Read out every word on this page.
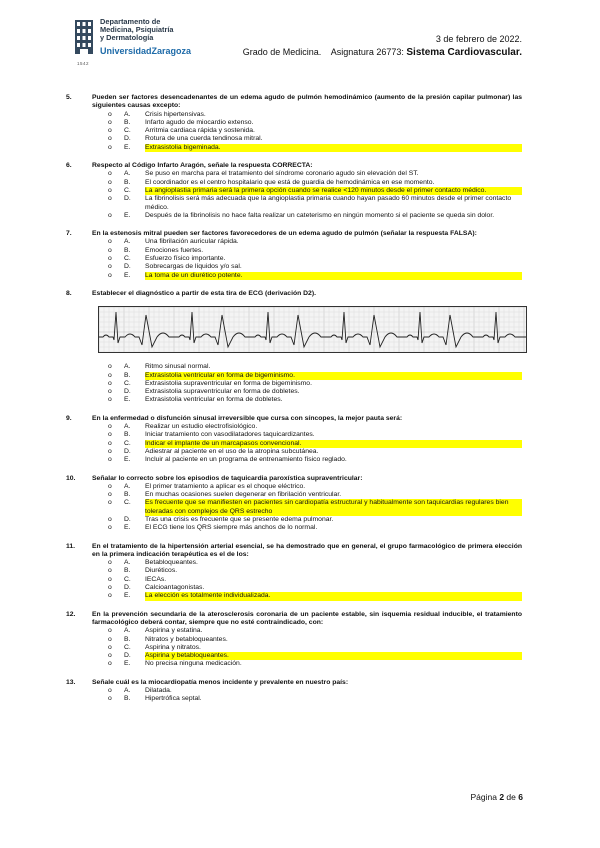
Departamento de
Medicina, Psiquiatría
y Dermatología
UniversidadZaragoza
1542
3 de febrero de 2022.
Grado de Medicina. Asignatura 26773: Sistema Cardiovascular.
5.	Pueden ser factores desencadenantes de un edema agudo de pulmón hemodinámico (aumento de la presión capilar pulmonar) las siguientes causas excepto:
o	A.	Crisis hipertensivas.
o	B.	Infarto agudo de miocardio extenso.
o	C.	Arritmia cardiaca rápida y sostenida.
o	D.	Rotura de una cuerda tendinosa mitral.
o	E.	Extrasistolia bigeminada.
6.	Respecto al Código Infarto Aragón, señale la respuesta CORRECTA:
o	A.	Se puso en marcha para el tratamiento del síndrome coronario agudo sin elevación del ST.
o	B.	El coordinador es el centro hospitalario que está de guardia de hemodinámica en ese momento.
o	C.	La angioplastia primaria será la primera opción cuando se realice <120 minutos desde el primer contacto médico.
o	D.	La fibrinolisis será más adecuada que la angioplastia primaria cuando hayan pasado 60 minutos desde el primer contacto médico.
o	E.	Después de la fibrinolisis no hace falta realizar un cateterismo en ningún momento si el paciente se queda sin dolor.
7.	En la estenosis mitral pueden ser factores favorecedores de un edema agudo de pulmón (señalar la respuesta FALSA):
o	A.	Una fibrilación auricular rápida.
o	B.	Emociones fuertes.
o	C.	Esfuerzo físico importante.
o	D.	Sobrecargas de líquidos y/o sal.
o	E.	La toma de un diurético potente.
8.	Establecer el diagnóstico a partir de esta tira de ECG (derivación D2).
o	A.	Ritmo sinusal normal.
o	B.	Extrasistolia ventricular en forma de bigeminismo.
o	C.	Extrasistolia supraventricular en forma de bigeminismo.
o	D.	Extrasistolia supraventricular en forma de dobletes.
o	E.	Extrasistolia ventricular en forma de dobletes.
9.	En la enfermedad o disfunción sinusal irreversible que cursa con síncopes, la mejor pauta será:
o	A.	Realizar un estudio electrofisiológico.
o	B.	Iniciar tratamiento con vasodilatadores taquicardizantes.
o	C.	Indicar el implante de un marcapasos convencional.
o	D.	Adiestrar al paciente en el uso de la atropina subcutánea.
o	E.	Incluir al paciente en un programa de entrenamiento físico reglado.
10.	Señalar lo correcto sobre los episodios de taquicardia paroxística supraventricular:
o	A.	El primer tratamiento a aplicar es el choque eléctrico.
o	B.	En muchas ocasiones suelen degenerar en fibrilación ventricular.
o	C.	Es frecuente que se manifiesten en pacientes sin cardiopatía estructural y habitualmente son taquicardias regulares bien toleradas con complejos de QRS estrecho
o	D.	Tras una crisis es frecuente que se presente edema pulmonar.
o	E.	El ECG tiene los QRS siempre más anchos de lo normal.
11.	En el tratamiento de la hipertensión arterial esencial, se ha demostrado que en general, el grupo farmacológico de primera elección en la primera indicación terapéutica es el de los:
o	A.	Betabloqueantes.
o	B.	Diuréticos.
o	C.	IECAs.
o	D.	Calcioantagonistas.
o	E.	La elección es totalmente individualizada.
12.	En la prevención secundaria de la aterosclerosis coronaria de un paciente estable, sin isquemia residual inducible, el tratamiento farmacológico deberá contar, siempre que no esté contraindicado, con:
o	A.	Aspirina y estatina.
o	B.	Nitratos y betabloqueantes.
o	C.	Aspirina y nitratos.
o	D.	Aspirina y betabloqueantes.
o	E.	No precisa ninguna medicación.
13.	Señale cuál es la miocardiopatía menos incidente y prevalente en nuestro país:
o	A.	Dilatada.
o	B.	Hipertrófica septal.
Página 2 de 6
